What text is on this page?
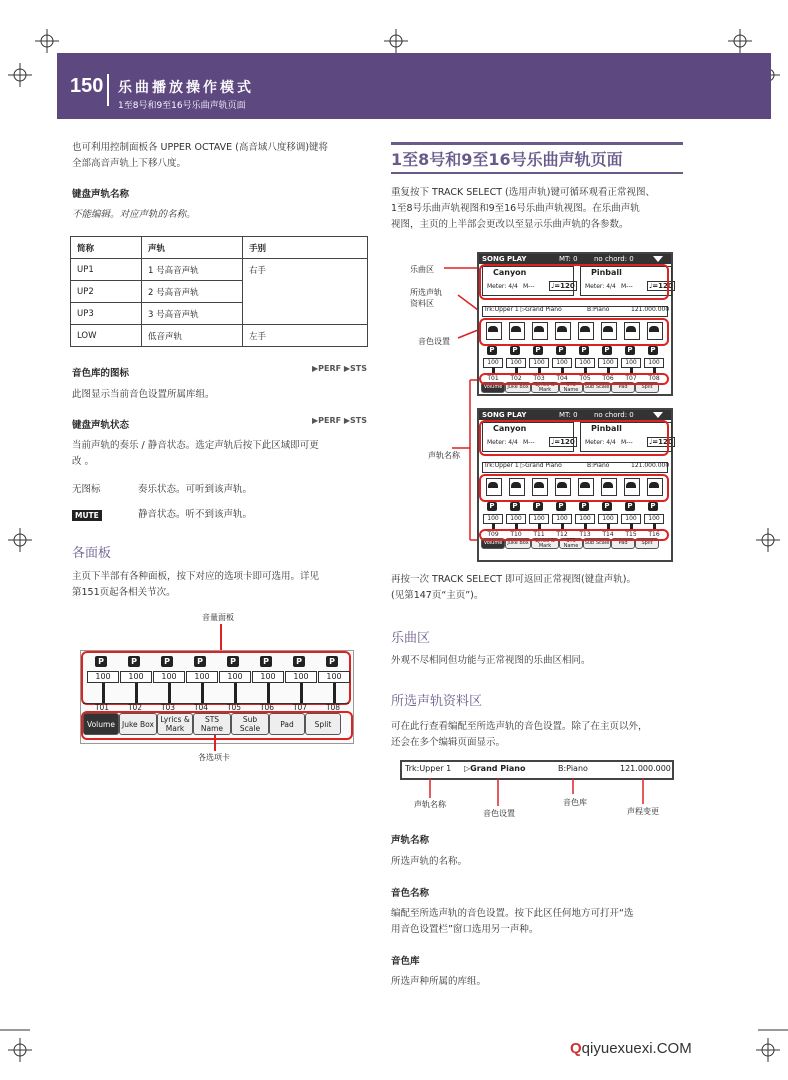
150 乐曲播放操作模式
1至8号和9至16号乐曲声轨页面
也可利用控制面板各 UPPER OCTAVE (高音域八度移调)键将
全部高音声轨上下移八度。
键盘声轨名称
不能编辑。对应声轨的名称。
简称	声轨	手别
UP1	1 号高音声轨	右手
UP2	2 号高音声轨	
UP3	3 号高音声轨	
LOW	低音声轨	左手
音色库的图标	▶PERF ▶STS
此图显示当前音色设置所属库组。
键盘声轨状态	▶PERF ▶STS
当前声轨的奏乐 / 静音状态。选定声轨后按下此区域即可更
改 。
无图标	奏乐状态。可听到该声轨。
MUTE	静音状态。听不到该声轨。
各面板
主页下半部有各种面板，按下对应的选项卡即可选用。详见
第151页起各相关节次。
音量面板
P
100
T01
P
100
T02
P
100
T03
P
100
T04
P
100
T05
P
100
T06
P
100
T07
P
100
T08
Volume Juke Box Lyrics & Mark
STS Name
Sub Scale	Pad	Split
各选项卡
1至8号和9至16号乐曲声轨页面
重复按下 TRACK SELECT (选用声轨)键可循环观看正常视图、
1至8号乐曲声轨视图和9至16号乐曲声轨视图。在乐曲声轨
视图，主页的上半部会更改以至显示乐曲声轨的各参数。
乐曲区
所选声轨
资料区
音色设置
声轨名称
SONG PLAY	MT: 0 no chord: 0
Canyon
Meter: 4/4 M--- ♩=120
Pinball
Meter: 4/4 M--- ♩=120
Trk:Upper 1 ▷Grand Piano	B:Piano	121.0​00.000
P
100
T01
P
100
T02
P
100
T03
P
100
T04
P
100
T05
P
100
T06
P
100
T07
P
100
T08
Volume	Juke Box	Lyrics & Mark
STS Name	Sub Scale	Pad	Split
SONG PLAY	MT: 0 no chord: 0
Canyon
Meter: 4/4 M--- ♩=120
Pinball
Meter: 4/4 M--- ♩=120
Trk:Upper 1 ▷Grand Piano	B:Piano	121.0​00.000
P
100
T09
P
100
T10
P
100
T11
P
100
T12
P
100
T13
P
100
T14
P
100
T15
P
100
T16
Volume	Juke Box	Lyrics & Mark
STS Name	Sub Scale	Pad	Split
再按一次 TRACK SELECT 即可返回正常视图(键盘声轨)。
(见第147页“主页”)。
乐曲区
外观不尽相同但功能与正常视图的乐曲区相同。
所选声轨资料区
可在此行查看编配至所选声轨的音色设置。除了在主页以外，
还会在多个编辑页面显示。
Trk:Upper 1 ▷Grand Piano	B:Piano	121.0​00.000
声轨名称
音色设置
音色库
声程变更
声轨名称
所选声轨的名称。
音色名称
编配至所选声轨的音色设置。按下此区任何地方可打开“选
用音色设置栏”窗口选用另一声种。
音色库
所选声种所属的库组。
Qqiyuexuexi.COM
